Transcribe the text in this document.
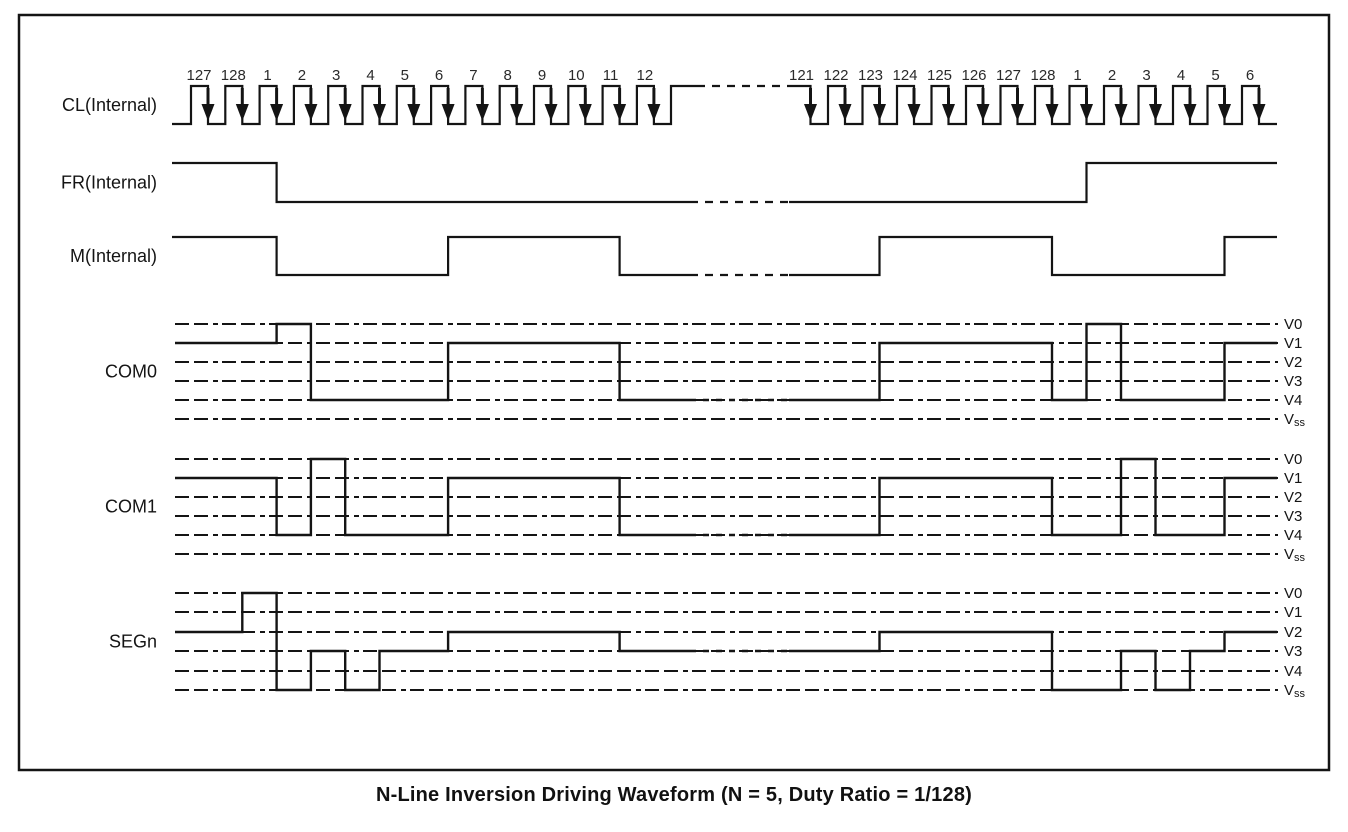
CL(Internal)
127 128 1 2 3 4 5 6 7 8 9 10 11 12	121 122 123 124 125 126 127 128 1 2 3 4 5 6
FR(Internal)
M(Internal)
COM0
V0
V1
V2
V3
V4
Vss
COM1
V0
V1
V2
V3
V4
Vss
SEGn
V0
V1
V2
V3
V4
Vss
N-Line Inversion Driving Waveform (N = 5, Duty Ratio = 1/128)
